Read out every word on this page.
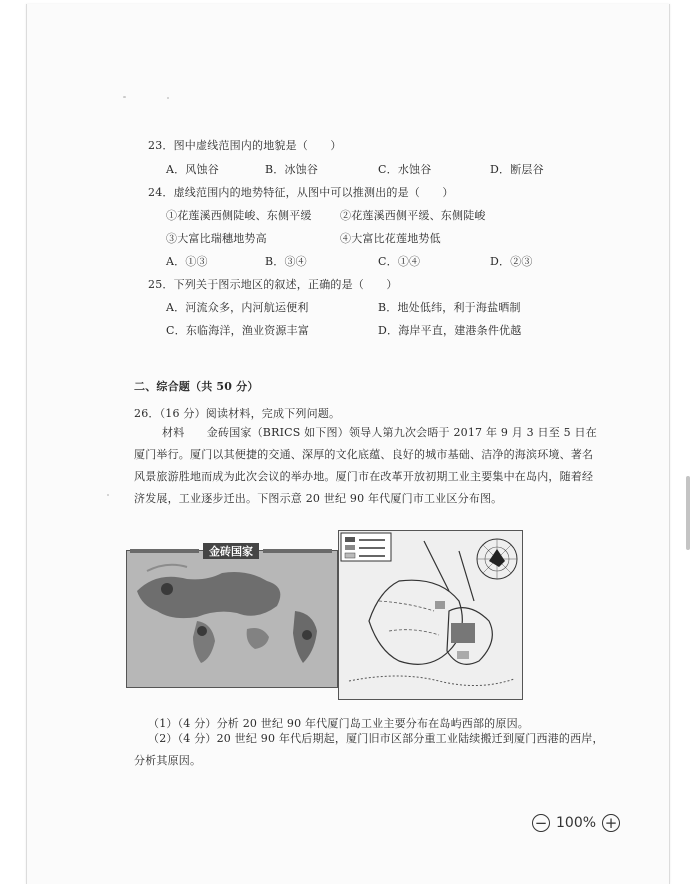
23．图中虚线范围内的地貌是（　　）
A．风蚀谷	B．冰蚀谷	C．水蚀谷	D．断层谷
24．虚线范围内的地势特征，从图中可以推测出的是（　　）
①花莲溪西侧陡峻、东侧平缓	②花莲溪西侧平缓、东侧陡峻
③大富比瑞穗地势高	④大富比花莲地势低
A．①③	B．③④	C．①④	D．②③
25．下列关于图示地区的叙述，正确的是（　　）
A．河流众多，内河航运便利	B．地处低纬，利于海盐晒制
C．东临海洋，渔业资源丰富	D．海岸平直，建港条件优越
二、综合题（共 50 分）
26．（16 分）阅读材料，完成下列问题。
材料　　金砖国家（BRICS 如下图）领导人第九次会晤于 2017 年 9 月 3 日至 5 日在厦门举行。厦门以其便捷的交通、深厚的文化底蕴、良好的城市基础、洁净的海滨环境、著名风景旅游胜地而成为此次会议的举办地。厦门市在改革开放初期工业主要集中在岛内，随着经济发展，工业逐步迁出。下图示意 20 世纪 90 年代厦门市工业区分布图。
金砖国家
（1）（4 分）分析 20 世纪 90 年代厦门岛工业主要分布在岛屿西部的原因。
（2）（4 分）20 世纪 90 年代后期起，厦门旧市区部分重工业陆续搬迁到厦门西港的西岸，分析其原因。
− 100% +
